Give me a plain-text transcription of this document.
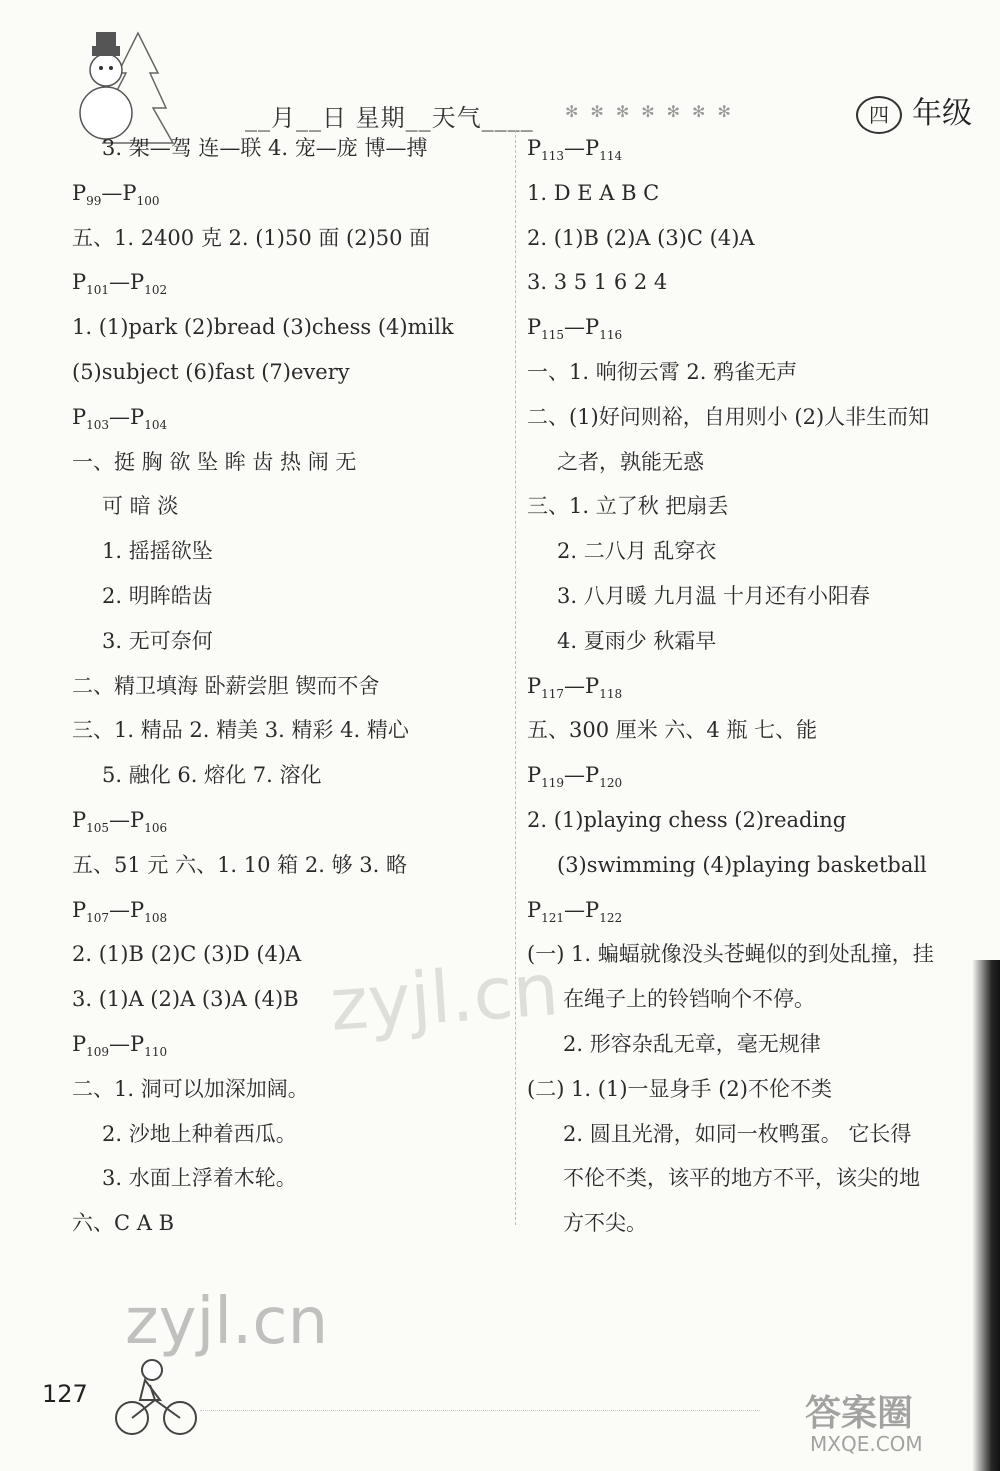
__月__日 星期__天气____ ✻✻✻✻✻✻✻	四 年级
3. 架—驾 连—联 4. 宠—庞 博—搏
$P_{99}—P_{100}$
五、1. 2400 克 2. (1)50 面 (2)50 面
$P_{101}—P_{102}$
1. (1)park (2)bread (3)chess (4)milk
(5)subject (6)fast (7)every
$P_{103}—P_{104}$
一、挺 胸 欲 坠 眸 齿 热 闹 无
可 暗 淡
1. 摇摇欲坠
2. 明眸皓齿
3. 无可奈何
二、精卫填海 卧薪尝胆 锲而不舍
三、1. 精品 2. 精美 3. 精彩 4. 精心
5. 融化 6. 熔化 7. 溶化
$P_{105}—P_{106}$
五、51 元 六、1. 10 箱 2. 够 3. 略
$P_{107}—P_{108}$
2. (1)B (2)C (3)D (4)A
3. (1)A (2)A (3)A (4)B
$P_{109}—P_{110}$
二、1. 洞可以加深加阔。
2. 沙地上种着西瓜。
3. 水面上浮着木轮。
六、C A B
$P_{113}—P_{114}$
1. D E A B C
2. (1)B (2)A (3)C (4)A
3. 3 5 1 6 2 4
$P_{115}—P_{116}$
一、1. 响彻云霄 2. 鸦雀无声
二、(1)好问则裕，自用则小 (2)人非生而知
之者，孰能无惑
三、1. 立了秋 把扇丢
2. 二八月 乱穿衣
3. 八月暖 九月温 十月还有小阳春
4. 夏雨少 秋霜早
$P_{117}—P_{118}$
五、300 厘米 六、4 瓶 七、能
$P_{119}—P_{120}$
2. (1)playing chess (2)reading
(3)swimming (4)playing basketball
$P_{121}—P_{122}$
(一) 1. 蝙蝠就像没头苍蝇似的到处乱撞，挂
在绳子上的铃铛响个不停。
2. 形容杂乱无章，毫无规律
(二) 1. (1)一显身手 (2)不伦不类
2. 圆且光滑，如同一枚鸭蛋。 它长得
不伦不类，该平的地方不平，该尖的地
方不尖。
zyjl.cn
zyjl.cn
127	答案圈
MXQE.COM
